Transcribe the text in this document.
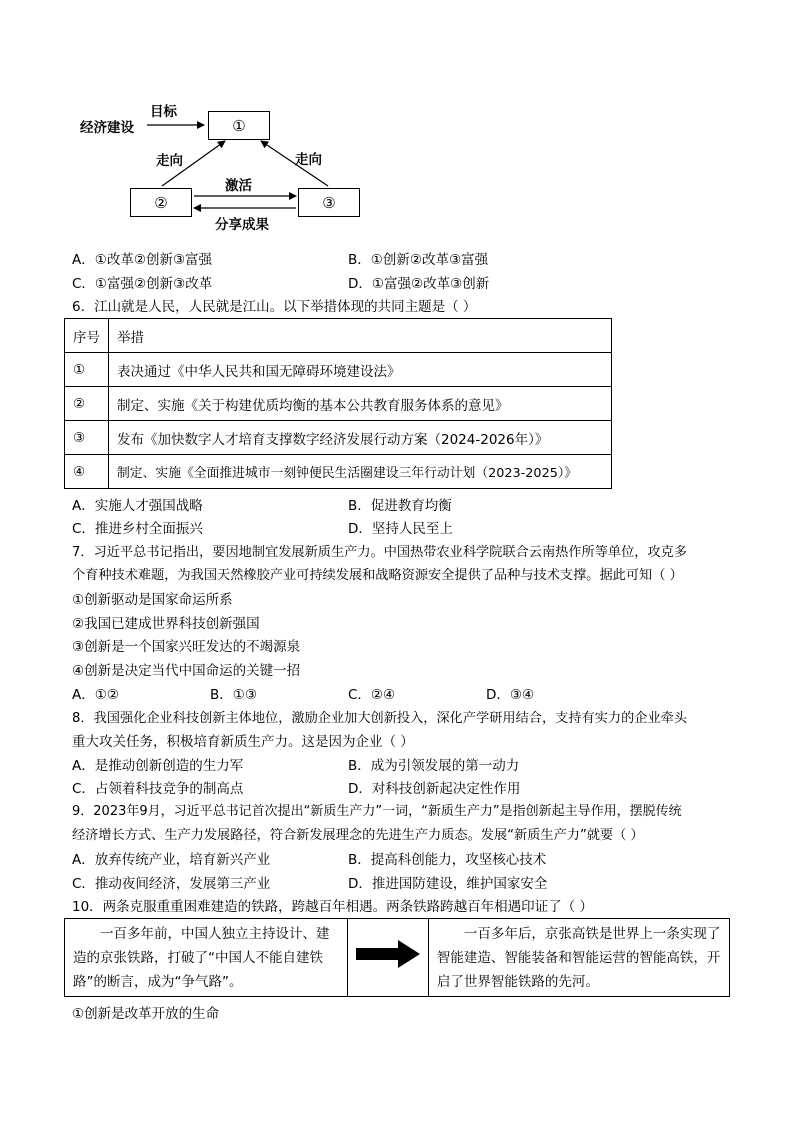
①
②	③
经济建设
目标
走向	走向
激活
分享成果
A．①改革②创新③富强	B．①创新②改革③富强
C．①富强②创新③改革	D．①富强②改革③创新
6．江山就是人民，人民就是江山。以下举措体现的共同主题是（ ）
序号	举措
①	表决通过《中华人民共和国无障碍环境建设法》
②	制定、实施《关于构建优质均衡的基本公共教育服务体系的意见》
③	发布《加快数字人才培育支撑数字经济发展行动方案（2024-2026年）》
④	制定、实施《全面推进城市一刻钟便民生活圈建设三年行动计划（2023-2025）》
A．实施人才强国战略	B．促进教育均衡
C．推进乡村全面振兴	D．坚持人民至上
7．习近平总书记指出，要因地制宜发展新质生产力。中国热带农业科学院联合云南热作所等单位，攻克多
个育种技术难题，为我国天然橡胶产业可持续发展和战略资源安全提供了品种与技术支撑。据此可知（ ）
①创新驱动是国家命运所系
②我国已建成世界科技创新强国
③创新是一个国家兴旺发达的不竭源泉
④创新是决定当代中国命运的关键一招
A．①②	B．①③	C．②④	D．③④
8．我国强化企业科技创新主体地位，激励企业加大创新投入，深化产学研用结合，支持有实力的企业牵头
重大攻关任务，积极培育新质生产力。这是因为企业（ ）
A．是推动创新创造的生力军	B．成为引领发展的第一动力
C．占领着科技竞争的制高点	D．对科技创新起决定性作用
9．2023年9月，习近平总书记首次提出“新质生产力”一词，“新质生产力”是指创新起主导作用，摆脱传统
经济增长方式、生产力发展路径，符合新发展理念的先进生产力质态。发展“新质生产力”就要（ ）
A．放弃传统产业，培育新兴产业	B．提高科创能力，攻坚核心技术
C．推动夜间经济，发展第三产业	D．推进国防建设，维护国家安全
10．两条克服重重困难建造的铁路，跨越百年相遇。两条铁路跨越百年相遇印证了（ ）
一百多年前，中国人独立主持设计、建造的京张铁路，打破了“中国人不能自建铁路”的断言，成为“争气路”。

一百多年后，京张高铁是世界上一条实现了智能建造、智能装备和智能运营的智能高铁，开启了世界智能铁路的先河。
①创新是改革开放的生命
